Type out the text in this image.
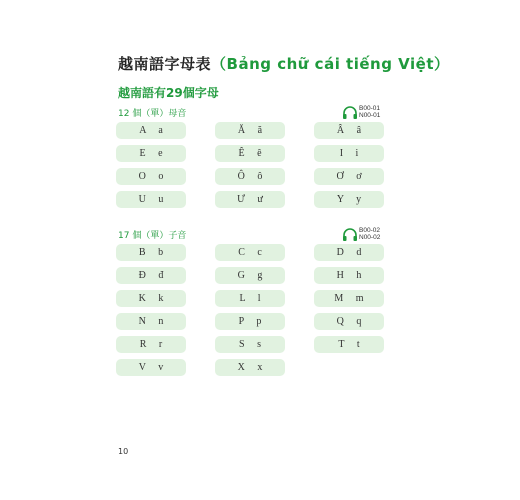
越南語字母表（Bảng chữ cái tiếng Việt）
越南語有29個字母
12 個（單）母音
B00-01
N00-01
A a	Ă ă	Â â
E e	Ê ê	I i
O o	Ô ô	Ơ ơ
U u	Ư ư	Y y
17 個（單）子音
B00-02
N00-02
B b	C c	D d
Đ đ	G g	H h
K k	L l	M m
N n	P p	Q q
R r	S s	T t
V v	X x
10
